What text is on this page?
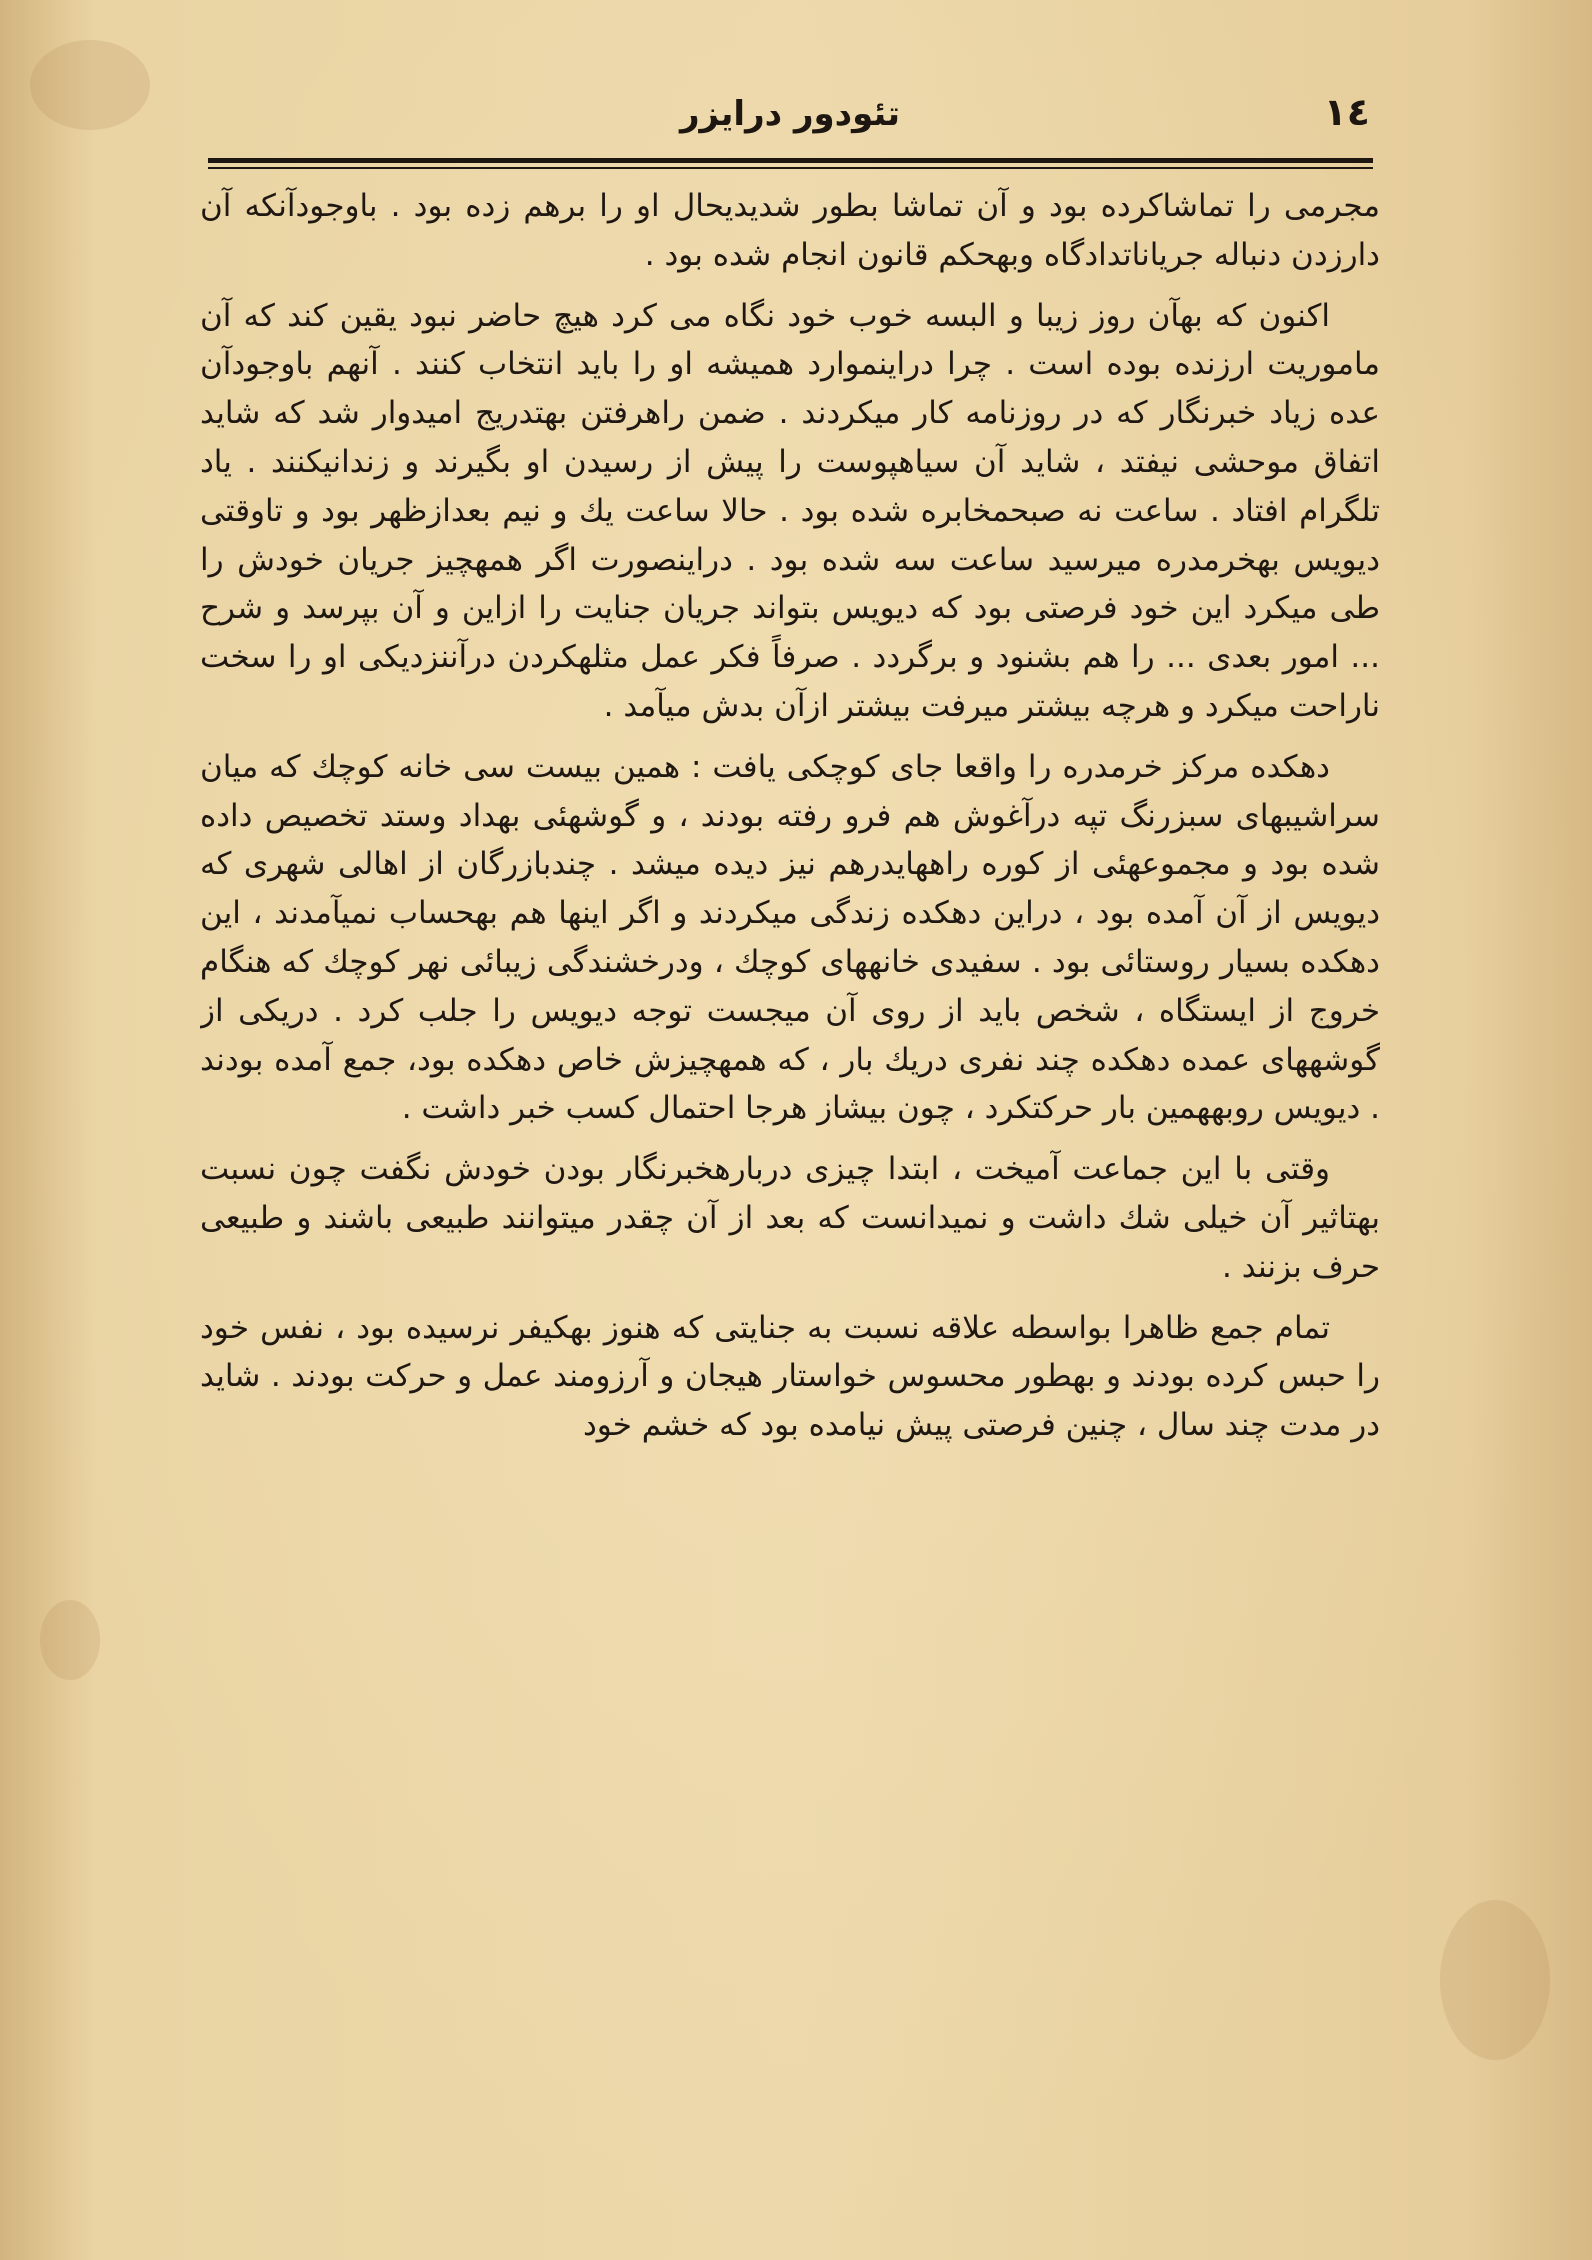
١٤
تئودور درایزر

مجرمی را تماشاکرده بود و آن تماشا بطور شدیدیحال او را برهم زده بود . باوجودآنکه آن دارزدن دنباله جریاناتدادگاه وبهحکم قانون انجام شده بود .

اکنون که بهآن روز زیبا و البسه خوب خود نگاه می کرد هیچ حاضر نبود یقین کند که آن ماموریت ارزنده بوده است . چرا دراینموارد همیشه او را باید انتخاب کنند . آنهم باوجودآن عده زیاد خبرنگار که در روزنامه کار میکردند . ضمن راهرفتن بهتدریج امیدوار شد که شاید اتفاق موحشی نیفتد ، شاید آن سیاهپوست را پیش از رسیدن او بگیرند و زندانیکنند . یاد تلگرام افتاد . ساعت نه صبحمخابره شده بود . حالا ساعت یك و نیم بعدازظهر بود و تاوقتی دیویس بهخرمدره میرسید ساعت سه شده بود . دراینصورت اگر همهچیز جریان خودش را طی میکرد این خود فرصتی بود که دیویس بتواند جریان جنایت را ازاین و آن بپرسد و شرح ... امور بعدی ... را هم بشنود و برگردد . صرفاً فکر عمل مثلهکردن درآننزدیکی او را سخت ناراحت میکرد و هرچه بیشتر میرفت بیشتر ازآن بدش میآمد .

دهکده مرکز خرمدره را واقعا جای کوچکی یافت : همین بیست سی خانه کوچك که میان سراشیبهای سبزرنگ تپه درآغوش هم فرو رفته بودند ، و گوشهئی بهداد وستد تخصیص داده شده بود و مجموعهئی از کوره راههایدرهم نیز دیده میشد . چندبازرگان از اهالی شهری که دیویس از آن آمده بود ، دراین دهکده زندگی میکردند و اگر اینها هم بهحساب نمیآمدند ، این دهکده بسیار روستائی بود . سفیدی خانههای کوچك ، ودرخشندگی زیبائی نهر کوچك که هنگام خروج از ایستگاه ، شخص باید از روی آن میجست توجه دیویس را جلب کرد . دریکی از گوشههای عمده دهکده چند نفری دریك بار ، که همهچیزش خاص دهکده بود، جمع آمده بودند . دیویس روبههمین بار حرکتکرد ، چون بیشاز هرجا احتمال کسب خبر داشت .

وقتی با این جماعت آمیخت ، ابتدا چیزی دربارهخبرنگار بودن خودش نگفت چون نسبت بهتاثیر آن خیلی شك داشت و نمیدانست که بعد از آن چقدر میتوانند طبیعی باشند و طبیعی حرف بزنند .

تمام جمع ظاهرا بواسطه علاقه نسبت به جنایتی که هنوز بهکیفر نرسیده بود ، نفس خود را حبس کرده بودند و بهطور محسوس خواستار هیجان و آرزومند عمل و حرکت بودند . شاید در مدت چند سال ، چنین فرصتی پیش نیامده بود که خشم خود
